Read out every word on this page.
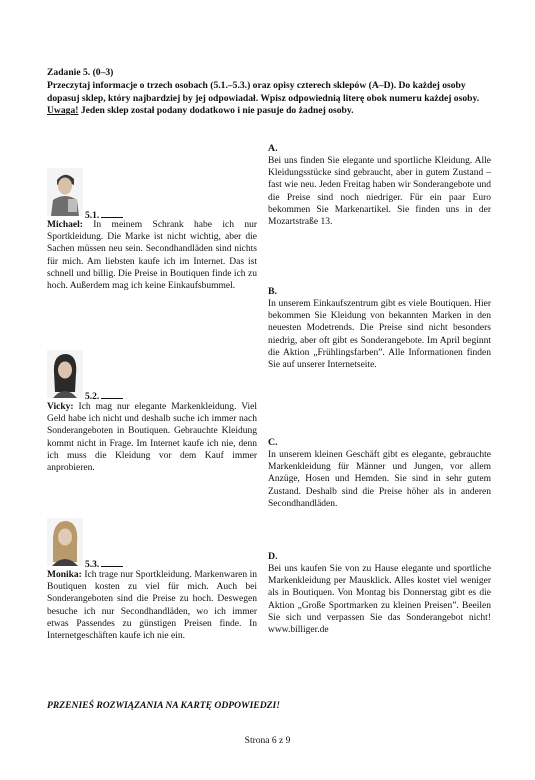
Zadanie 5. (0–3)

Przeczytaj informacje o trzech osobach (5.1.–5.3.) oraz opisy czterech sklepów (A–D). Do każdej osoby dopasuj sklep, który najbardziej by jej odpowiadał. Wpisz odpowiednią literę obok numeru każdej osoby.

Uwaga! Jeden sklep został podany dodatkowo i nie pasuje do żadnej osoby.

5.1.

Michael: In meinem Schrank habe ich nur Sportkleidung. Die Marke ist nicht wichtig, aber die Sachen müssen neu sein. Secondhandläden sind nichts für mich. Am liebsten kaufe ich im Internet. Das ist schnell und billig. Die Preise in Boutiquen finde ich zu hoch. Außerdem mag ich keine Einkaufsbummel.

5.2.

Vicky: Ich mag nur elegante Markenkleidung. Viel Geld habe ich nicht und deshalb suche ich immer nach Sonderangeboten in Boutiquen. Gebrauchte Kleidung kommt nicht in Frage. Im Internet kaufe ich nie, denn ich muss die Kleidung vor dem Kauf immer anprobieren.

5.3.

Monika: Ich trage nur Sportkleidung. Markenwaren in Boutiquen kosten zu viel für mich. Auch bei Sonderangeboten sind die Preise zu hoch. Deswegen besuche ich nur Secondhandläden, wo ich immer etwas Passendes zu günstigen Preisen finde. In Internetgeschäften kaufe ich nie ein.

A.

Bei uns finden Sie elegante und sportliche Kleidung. Alle Kleidungsstücke sind gebraucht, aber in gutem Zustand – fast wie neu. Jeden Freitag haben wir Sonderangebote und die Preise sind noch niedriger. Für ein paar Euro bekommen Sie Markenartikel. Sie finden uns in der Mozartstraße 13.

B.

In unserem Einkaufszentrum gibt es viele Boutiquen. Hier bekommen Sie Kleidung von bekannten Marken in den neuesten Modetrends. Die Preise sind nicht besonders niedrig, aber oft gibt es Sonderangebote. Im April beginnt die Aktion „Frühlingsfarben”. Alle Informationen finden Sie auf unserer Internetseite.

C.

In unserem kleinen Geschäft gibt es elegante, gebrauchte Markenkleidung für Männer und Jungen, vor allem Anzüge, Hosen und Hemden. Sie sind in sehr gutem Zustand. Deshalb sind die Preise höher als in anderen Secondhandläden.

D.

Bei uns kaufen Sie von zu Hause elegante und sportliche Markenkleidung per Mausklick. Alles kostet viel weniger als in Boutiquen. Von Montag bis Donnerstag gibt es die Aktion „Große Sportmarken zu kleinen Preisen”. Beeilen Sie sich und verpassen Sie das Sonderangebot nicht! www.billiger.de

PRZENIEŚ ROZWIĄZANIA NA KARTĘ ODPOWIEDZI!
Strona 6 z 9
